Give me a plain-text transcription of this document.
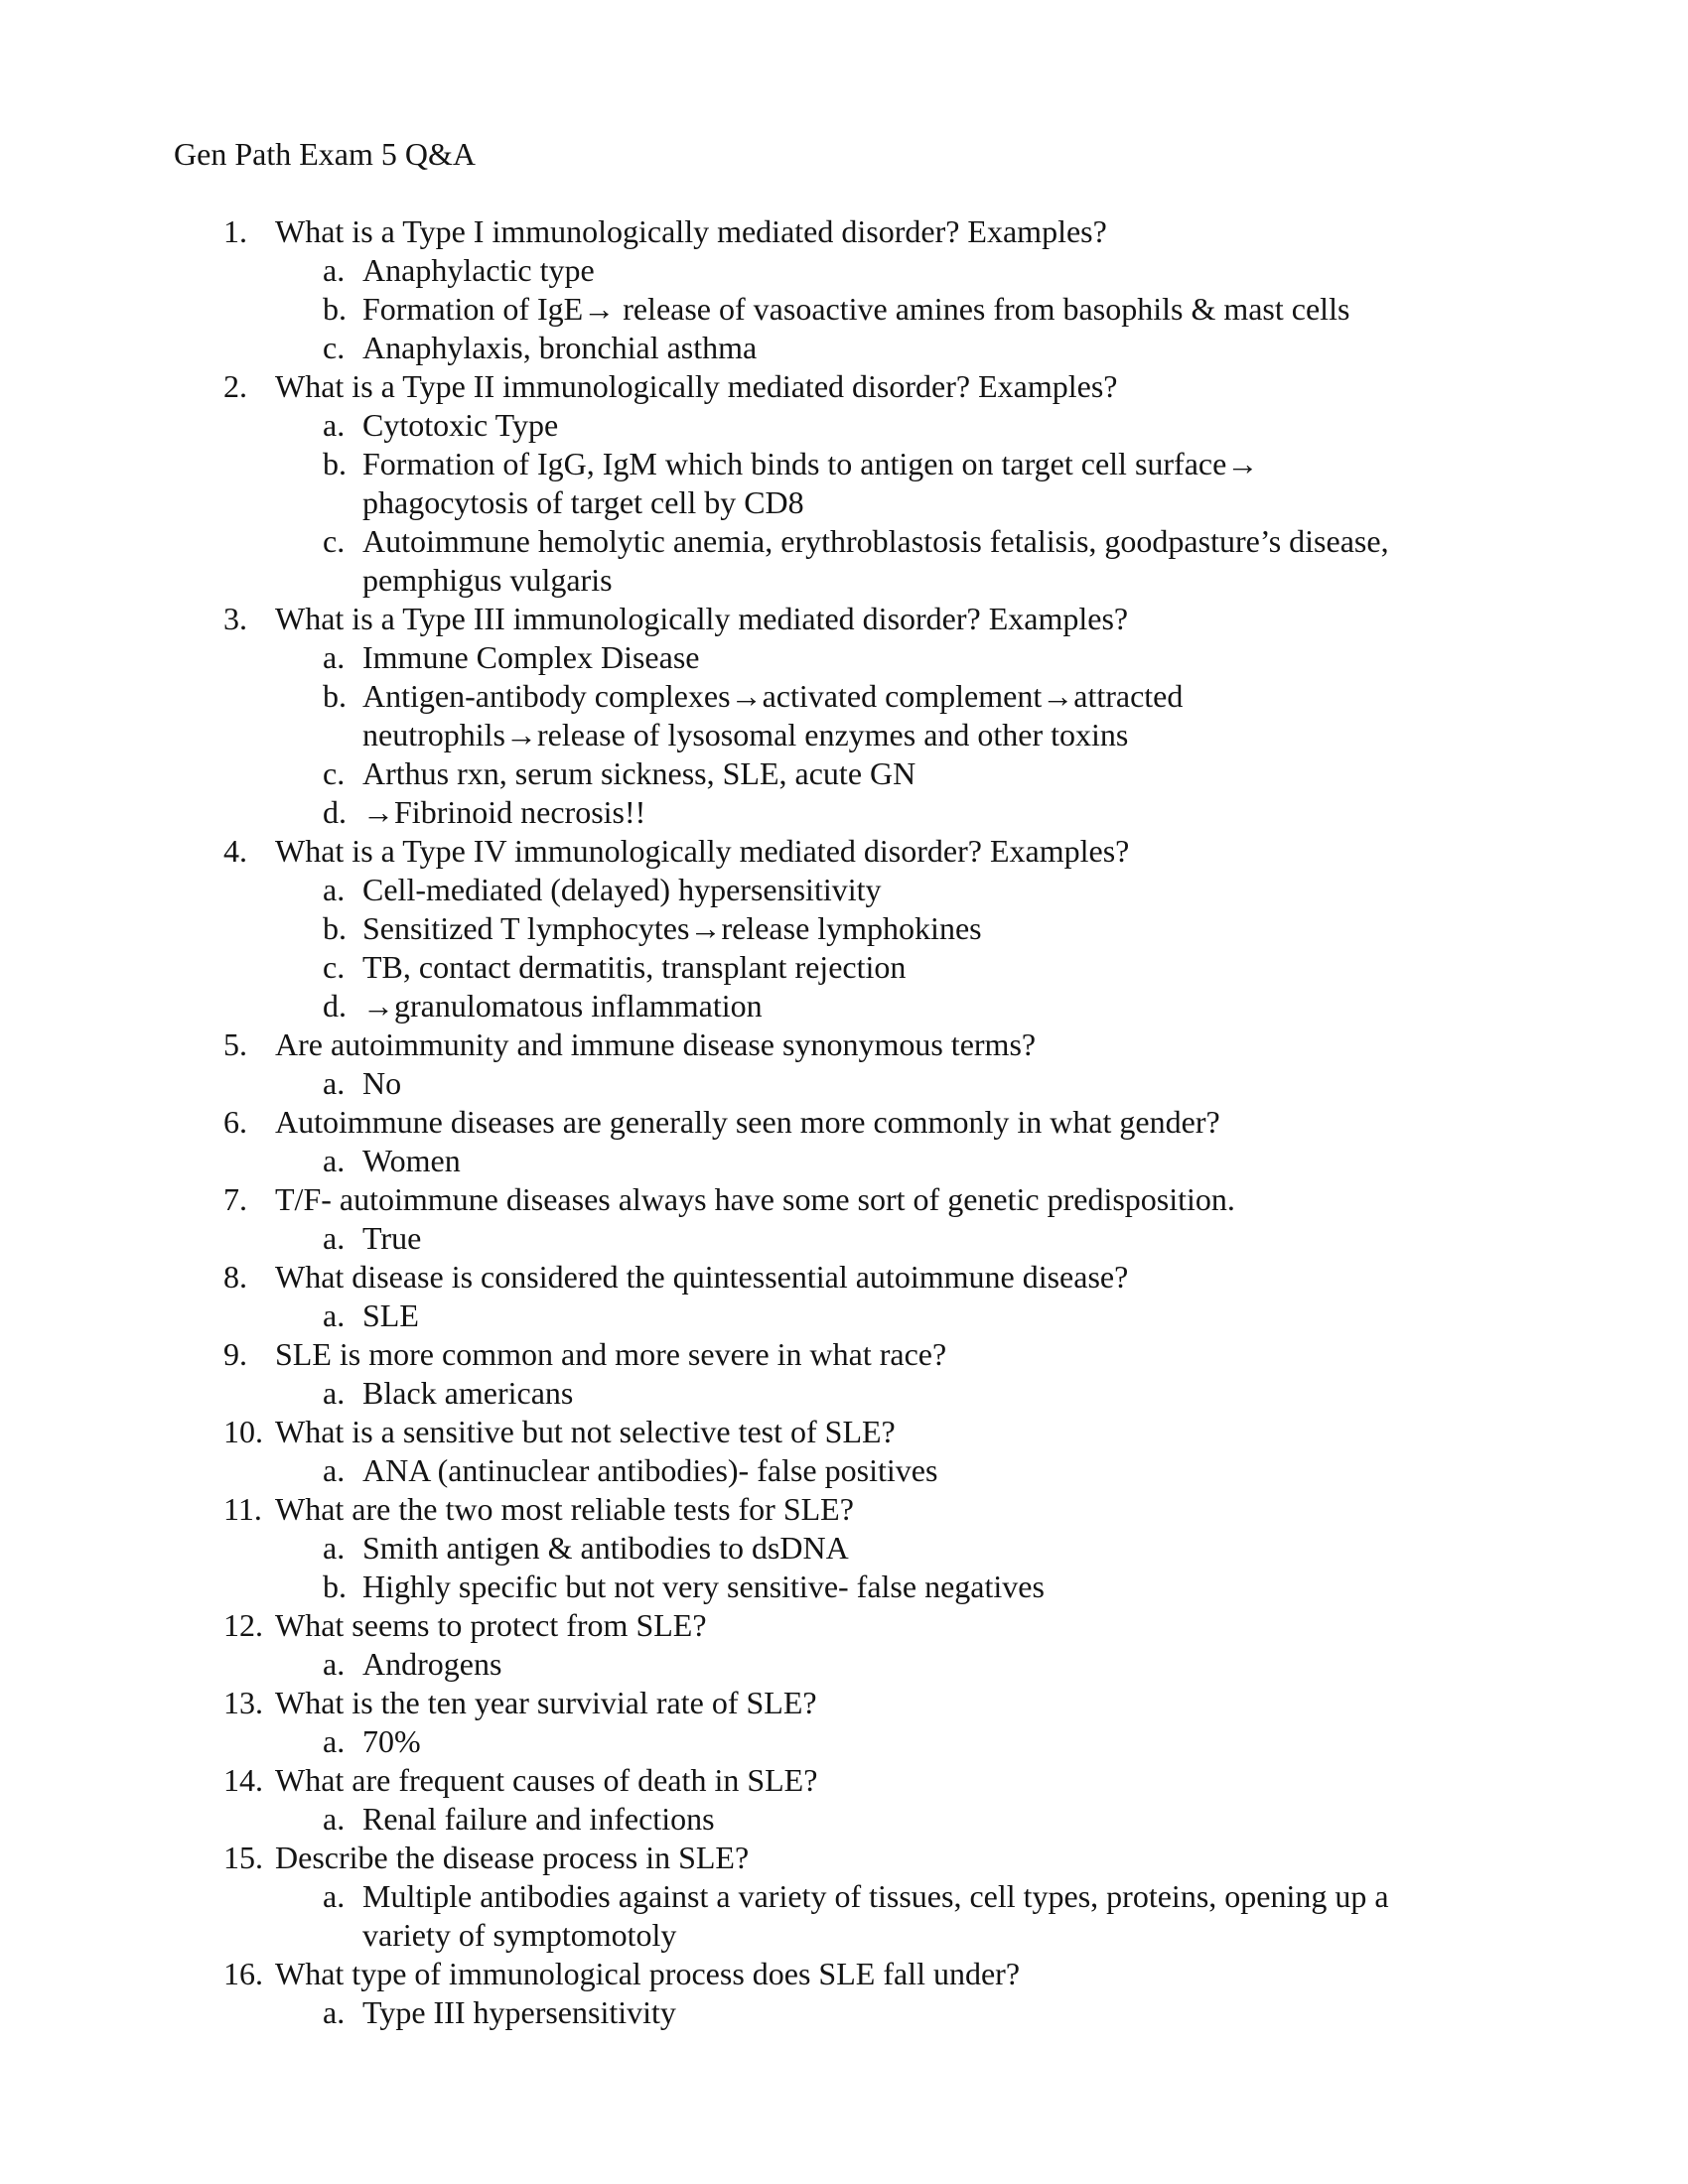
Gen Path Exam 5 Q&A
1. What is a Type I immunologically mediated disorder? Examples?
a. Anaphylactic type
b. Formation of IgE→ release of vasoactive amines from basophils & mast cells
c. Anaphylaxis, bronchial asthma
2. What is a Type II immunologically mediated disorder? Examples?
a. Cytotoxic Type
b. Formation of IgG, IgM which binds to antigen on target cell surface→
phagocytosis of target cell by CD8
c. Autoimmune hemolytic anemia, erythroblastosis fetalisis, goodpasture’s disease,
pemphigus vulgaris
3. What is a Type III immunologically mediated disorder? Examples?
a. Immune Complex Disease
b. Antigen-antibody complexes→activated complement→attracted
neutrophils→release of lysosomal enzymes and other toxins
c. Arthus rxn, serum sickness, SLE, acute GN
d. →Fibrinoid necrosis!!
4. What is a Type IV immunologically mediated disorder? Examples?
a. Cell-mediated (delayed) hypersensitivity
b. Sensitized T lymphocytes→release lymphokines
c. TB, contact dermatitis, transplant rejection
d. →granulomatous inflammation
5. Are autoimmunity and immune disease synonymous terms?
a. No
6. Autoimmune diseases are generally seen more commonly in what gender?
a. Women
7. T/F- autoimmune diseases always have some sort of genetic predisposition.
a. True
8. What disease is considered the quintessential autoimmune disease?
a. SLE
9. SLE is more common and more severe in what race?
a. Black americans
10. What is a sensitive but not selective test of SLE?
a. ANA (antinuclear antibodies)- false positives
11. What are the two most reliable tests for SLE?
a. Smith antigen & antibodies to dsDNA
b. Highly specific but not very sensitive- false negatives
12. What seems to protect from SLE?
a. Androgens
13. What is the ten year survivial rate of SLE?
a. 70%
14. What are frequent causes of death in SLE?
a. Renal failure and infections
15. Describe the disease process in SLE?
a. Multiple antibodies against a variety of tissues, cell types, proteins, opening up a
variety of symptomotoly
16. What type of immunological process does SLE fall under?
a. Type III hypersensitivity
